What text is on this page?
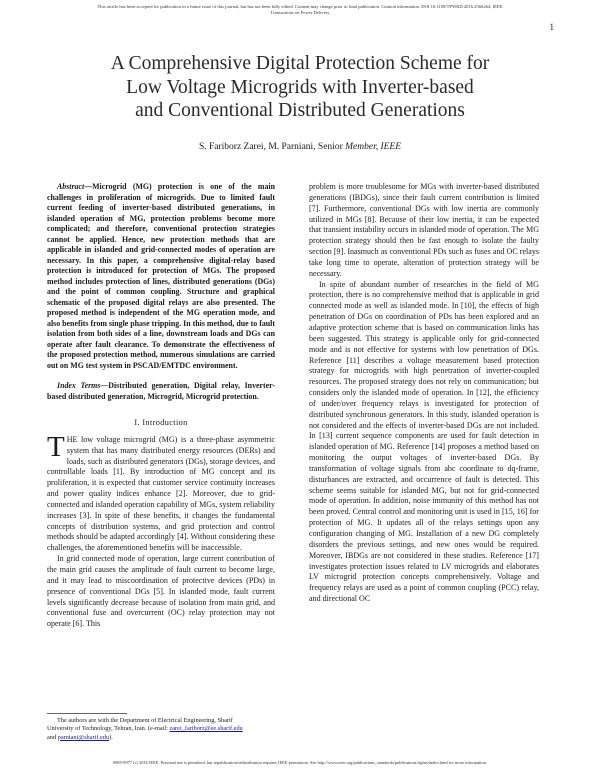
This article has been accepted for publication in a future issue of this journal, but has not been fully edited. Content may change prior to final publication. Citation information: DOI 10.1109/TPWRD.2016.2566264, IEEE
Transactions on Power Delivery
1
A Comprehensive Digital Protection Scheme for
Low Voltage Microgrids with Inverter-based
and Conventional Distributed Generations
S. Fariborz Zarei, M. Parniani, Senior Member, IEEE

Abstract—Microgrid (MG) protection is one of the main challenges in proliferation of microgrids. Due to limited fault current feeding of inverter-based distributed generations, in islanded operation of MG, protection problems become more complicated; and therefore, conventional protection strategies cannot be applied. Hence, new protection methods that are applicable in islanded and grid-connected modes of operation are necessary. In this paper, a comprehensive digital-relay based protection is introduced for protection of MGs. The proposed method includes protection of lines, distributed generations (DGs) and the point of common coupling. Structure and graphical schematic of the proposed digital relays are also presented. The proposed method is independent of the MG operation mode, and also benefits from single phase tripping. In this method, due to fault isolation from both sides of a line, downstream loads and DGs can operate after fault clearance. To demonstrate the effectiveness of the proposed protection method, numerous simulations are carried out on MG test system in PSCAD/EMTDC environment.

Index Terms—Distributed generation, Digital relay, Inverter-based distributed generation, Microgrid, Microgrid protection.

I. Introduction

THE low voltage microgrid (MG) is a three-phase asymmetric system that has many distributed energy resources (DERs) and loads, such as distributed generators (DGs), storage devices, and controllable loads [1]. By introduction of MG concept and its proliferation, it is expected that customer service continuity increases and power quality indices enhance [2]. Moreover, due to grid-connected and islanded operation capability of MGs, system reliability increases [3]. In spite of these benefits, it changes the fundamental concepts of distribution systems, and grid protection and control methods should be adapted accordingly [4]. Without considering these challenges, the aforementioned benefits will be inaccessible.

In grid connected mode of operation, large current contribution of the main grid causes the amplitude of fault current to become large, and it may lead to miscoordination of protective devices (PDs) in presence of conventional DGs [5]. In islanded mode, fault current levels significantly decrease because of isolation from main grid, and conventional fuse and overcurrent (OC) relay protection may not operate [6]. This

problem is more troublesome for MGs with inverter-based distributed generations (IBDGs), since their fault current contribution is limited [7]. Furthermore, conventional DGs with low inertia are commonly utilized in MGs [8]. Because of their low inertia, it can be expected that transient instability occurs in islanded mode of operation. The MG protection strategy should then be fast enough to isolate the faulty section [9]. Inasmuch as conventional PDs such as fuses and OC relays take long time to operate, alteration of protection strategy will be necessary.

In spite of abundant number of researches in the field of MG protection, there is no comprehensive method that is applicable in grid connected mode as well as islanded mode. In [10], the effects of high penetration of DGs on coordination of PDs has been explored and an adaptive protection scheme that is based on communication links has been suggested. This strategy is applicable only for grid-connected mode and is not effective for systems with low penetration of DGs. Reference [11] describes a voltage measurement based protection strategy for microgrids with high penetration of inverter-coupled resources. The proposed strategy does not rely on communication; but considers only the islanded mode of operation. In [12], the efficiency of under/over frequency relays is investigated for protection of distributed synchronous generators. In this study, islanded operation is not considered and the effects of inverter-based DGs are not included. In [13] current sequence components are used for fault detection in islanded operation of MG. Reference [14] proposes a method based on monitoring the output voltages of inverter-based DGs. By transformation of voltage signals from abc coordinate to dq-frame, disturbances are extracted, and occurrence of fault is detected. This scheme seems suitable for islanded MG, but not for grid-connected mode of operation. In addition, noise immunity of this method has not been proved. Central control and monitoring unit is used in [15, 16] for protection of MG. It updates all of the relays settings upon any configuration changing of MG. Installation of a new DG completely disorders the previous settings, and new ones would be required. Moreover, IBDGs are not considered in these studies. Reference [17] investigates protection issues related to LV microgrids and elaborates LV microgrid protection concepts comprehensively. Voltage and frequency relays are used as a point of common coupling (PCC) relay, and directional OC

The authors are with the Department of Electrical Engineering, Sharif
University of Technology, Tehran, Iran. (e-mail: zarei_fariborz@ee.sharif.edu
and parniani@sharif.edu).
0885-8977 (c) 2016 IEEE. Personal use is permitted, but republication/redistribution requires IEEE permission. See http://www.ieee.org/publications_standards/publications/rights/index.html for more information.
